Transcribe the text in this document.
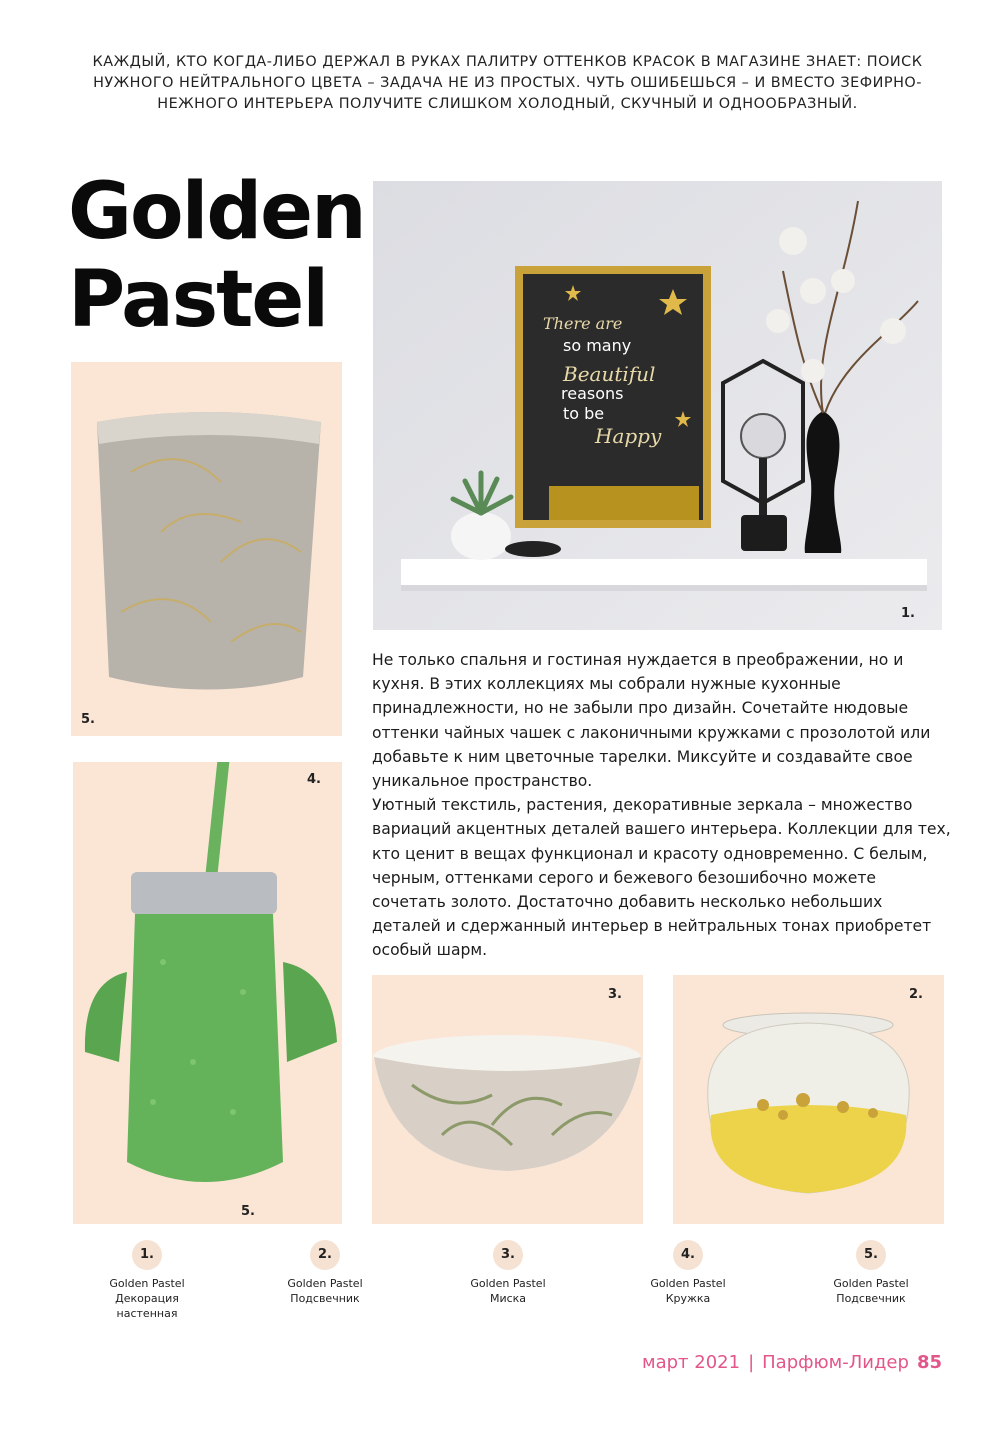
КАЖДЫЙ, КТО КОГДА-ЛИБО ДЕРЖАЛ В РУКАХ ПАЛИТРУ ОТТЕНКОВ КРАСОК В МАГАЗИНЕ ЗНАЕТ: ПОИСК НУЖНОГО НЕЙТРАЛЬНОГО ЦВЕТА – ЗАДАЧА НЕ ИЗ ПРОСТЫХ. ЧУТЬ ОШИБЕШЬСЯ – И ВМЕСТО ЗЕФИРНО-НЕЖНОГО ИНТЕРЬЕРА ПОЛУЧИТЕ СЛИШКОМ ХОЛОДНЫЙ, СКУЧНЫЙ И ОДНООБРАЗНЫЙ.
Golden
Pastel	There are
so many
Beautiful
reasons
to be
Happy
1.
5.
4.
5.

Не только спальня и гостиная нуждается в преображении, но и кухня. В этих коллекциях мы собрали нужные кухонные принадлежности, но не забыли про дизайн. Сочетайте нюдовые оттенки чайных чашек с лаконичными кружками с прозолотой или добавьте к ним цветочные тарелки. Миксуйте и создавайте свое уникальное пространство.

Уютный текстиль, растения, декоративные зеркала – множество вариаций акцентных деталей вашего интерьера. Коллекции для тех, кто ценит в вещах функционал и красоту одновременно. С белым, черным, оттенками серого и бежевого безошибочно можете сочетать золото. Достаточно добавить несколько небольших деталей и сдержанный интерьер в нейтральных тонах приобретет особый шарм.

3.	2.
1.
Golden Pastel
Декорация настенная
2.
Golden Pastel
Подсвечник
3.
Golden Pastel
Миска
4.
Golden Pastel
Кружка
5.
Golden Pastel
Подсвечник
март 2021 | Парфюм-Лидер 85
